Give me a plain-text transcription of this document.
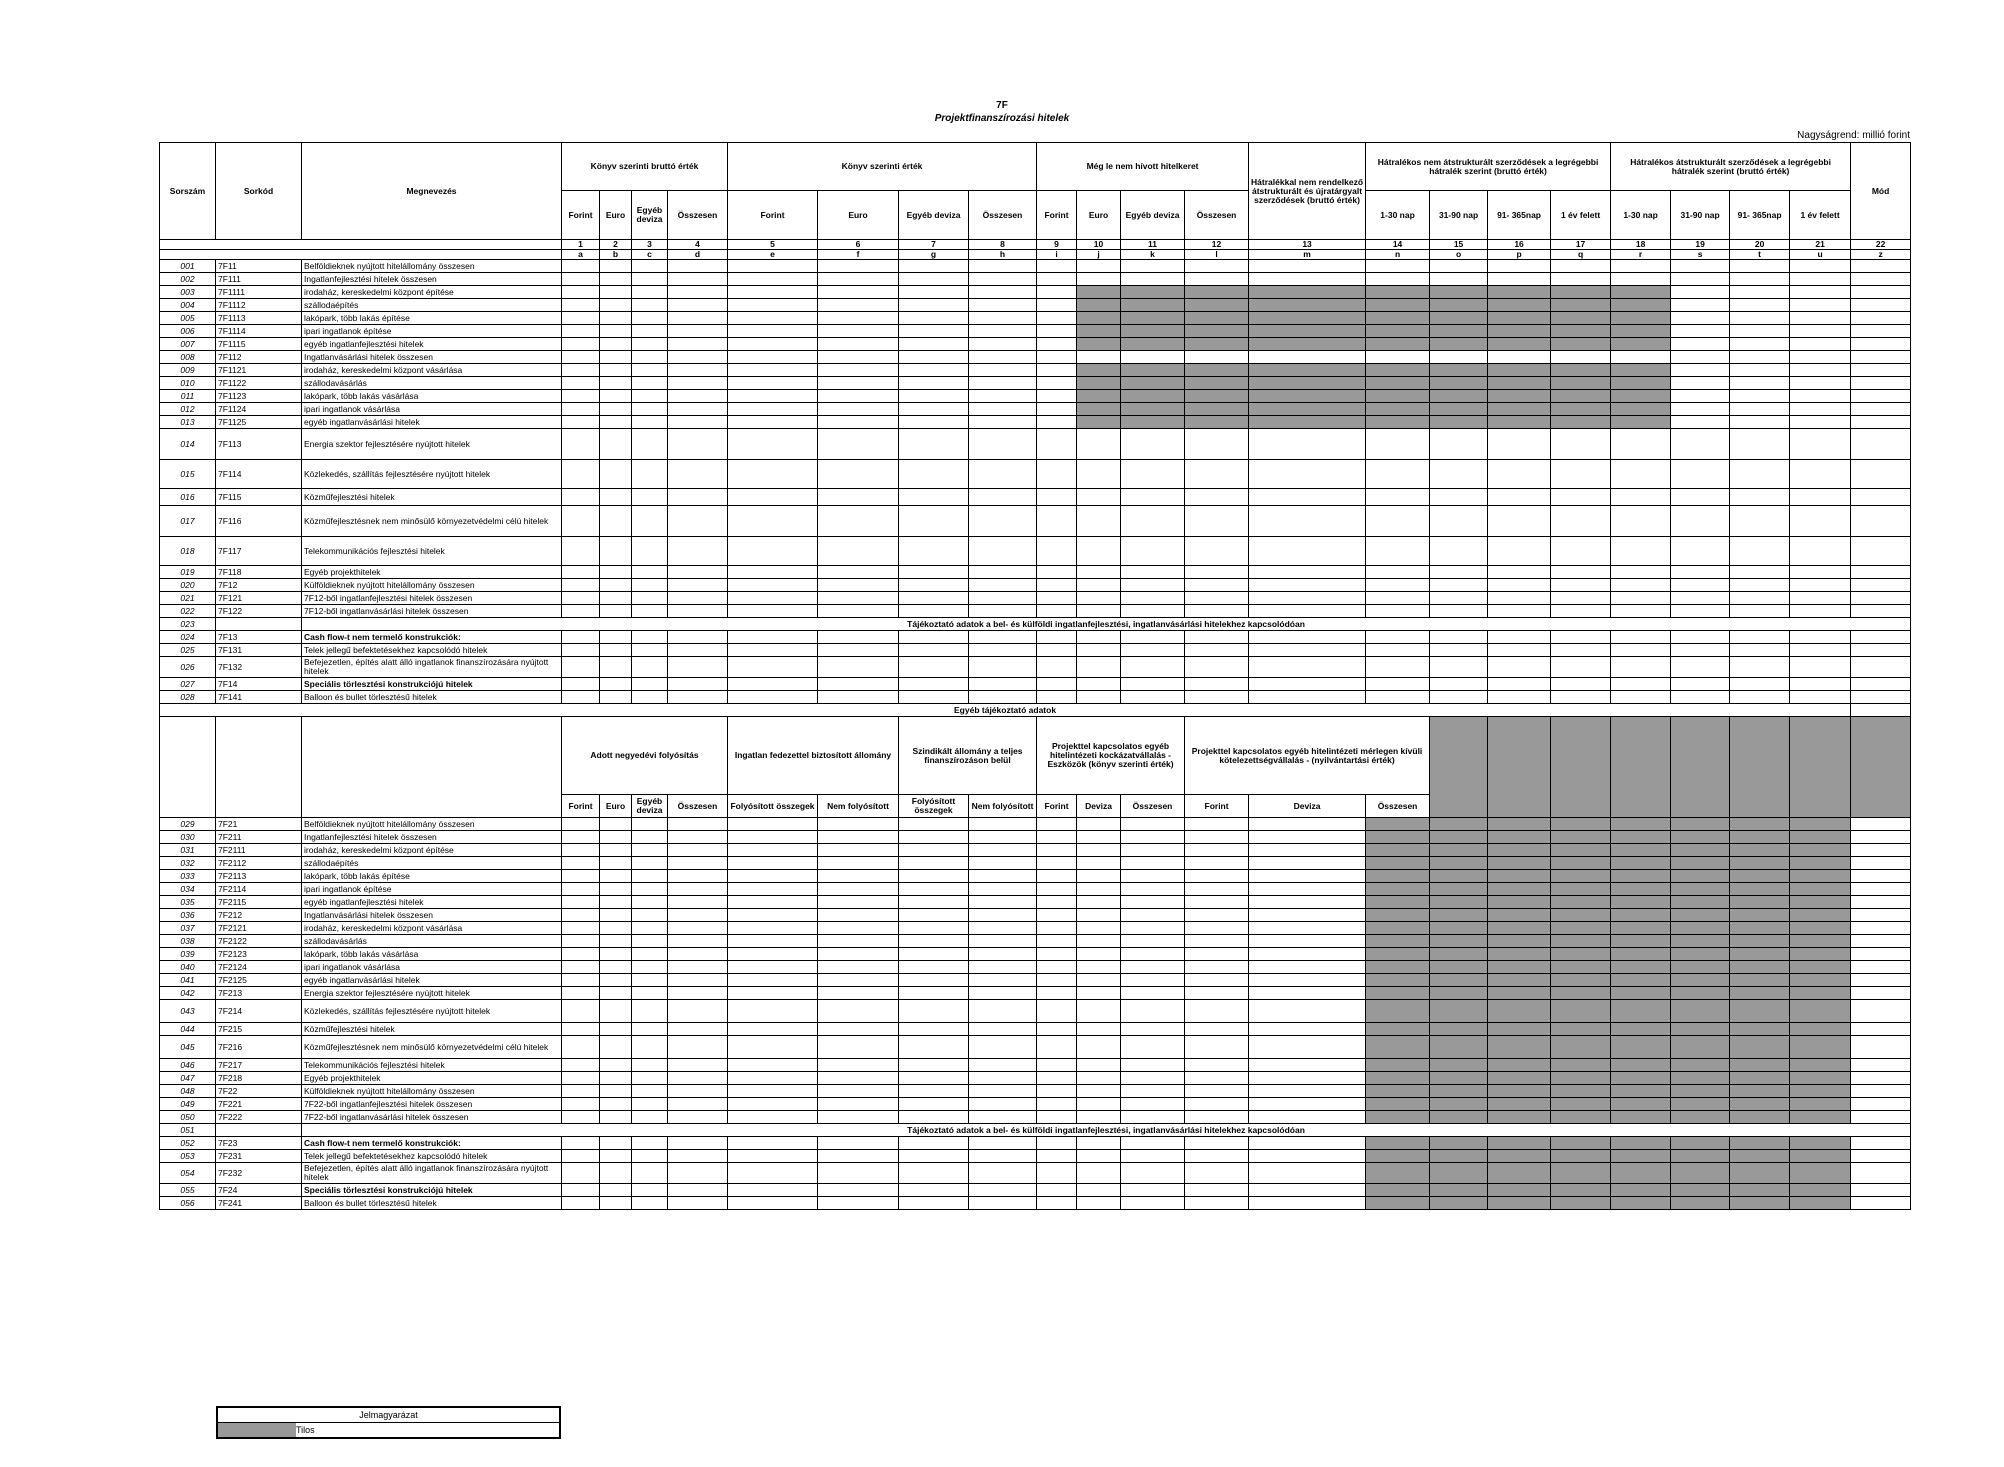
7F
Projektfinanszírozási hitelek
Nagyságrend: millió forint
Sorszám	Sorkód	Megnevezés	Könyv szerinti bruttó érték				Könyv szerinti érték				Még le nem hívott hitelkeret				Hátralékkal nem rendelkező átstrukturált és újratárgyalt szerződések (bruttó érték)	Hátralékos nem átstrukturált szerződések a legrégebbi hátralék szerint (bruttó érték)				Hátralékos átstrukturált szerződések a legrégebbi hátralék szerint (bruttó érték)				Mód	
			Forint	Euro	Egyéb deviza	Összesen	Forint	Euro	Egyéb deviza	Összesen	Forint	Euro	Egyéb deviza	Összesen		1-30 nap	31-90 nap	91- 365nap	1 év felett	1-30 nap	31-90 nap	91- 365nap	1 év felett		
			1	2	3	4	5	6	7	8	9	10	11	12	13	14	15	16	17	18	19	20	21	22	
			a	b	c	d	e	f	g	h	i	j	k	l	m	n	o	p	q	r	s	t	u	z	
001	7F11	Belföldieknek nyújtott hitelállomány összesen																							
002	7F111	Ingatlanfejlesztési hitelek összesen																							
003	7F1111	irodaház, kereskedelmi központ építése																							
004	7F1112	szállodaépítés																							
005	7F1113	lakópark, több lakás építése																							
006	7F1114	ipari ingatlanok építése																							
007	7F1115	egyéb ingatlanfejlesztési hitelek																							
008	7F112	Ingatlanvásárlási hitelek összesen																							
009	7F1121	irodaház, kereskedelmi központ vásárlása																							
010	7F1122	szállodavásárlás																							
011	7F1123	lakópark, több lakás vásárlása																							
012	7F1124	ipari ingatlanok vásárlása																							
013	7F1125	egyéb ingatlanvásárlási hitelek																							
014	7F113	Energia szektor fejlesztésére nyújtott hitelek																							
015	7F114	Közlekedés, szállítás fejlesztésére nyújtott hitelek																							
016	7F115	Közműfejlesztési hitelek																							
017	7F116	Közműfejlesztésnek nem minősülő környezetvédelmi célú hitelek																							
018	7F117	Telekommunikációs fejlesztési hitelek																							
019	7F118	Egyéb projekthitelek																							
020	7F12	Külföldieknek nyújtott hitelállomány összesen																							
021	7F121	7F12-ből ingatlanfejlesztési hitelek összesen																							
022	7F122	7F12-ből ingatlanvásárlási hitelek összesen																							
023		Tájékoztató adatok a bel- és külföldi ingatlanfejlesztési, ingatlanvásárlási hitelekhez kapcsolódóan																							
024	7F13	Cash flow-t nem termelő konstrukciók:																							
025	7F131	Telek jellegű befektetésekhez kapcsolódó hitelek																							
026	7F132	Befejezetlen, építés alatt álló ingatlanok finanszírozására nyújtott hitelek																							
027	7F14	Speciális törlesztési konstrukciójú hitelek																							
028	7F141	Balloon és bullet törlesztésű hitelek																							
Egyéb tájékoztató adatok																									
			Adott negyedévi folyósítás				Ingatlan fedezettel biztosított állomány		Szindikált állomány a teljes finanszírozáson belül		Projekttel kapcsolatos egyéb hitelintézeti kockázatvállalás - Eszközök (könyv szerinti érték)			Projekttel kapcsolatos egyéb hitelintézeti mérlegen kívüli kötelezettségvállalás - (nyilvántartási érték)											
			Forint	Euro	Egyéb deviza	Összesen	Folyósított összegek	Nem folyósított	Folyósított összegek	Nem folyósított	Forint	Deviza	Összesen	Forint	Deviza	Összesen									
029	7F21	Belföldieknek nyújtott hitelállomány összesen																							
030	7F211	Ingatlanfejlesztési hitelek összesen																							
031	7F2111	irodaház, kereskedelmi központ építése																							
032	7F2112	szállodaépítés																							
033	7F2113	lakópark, több lakás építése																							
034	7F2114	ipari ingatlanok építése																							
035	7F2115	egyéb ingatlanfejlesztési hitelek																							
036	7F212	Ingatlanvásárlási hitelek összesen																							
037	7F2121	irodaház, kereskedelmi központ vásárlása																							
038	7F2122	szállodavásárlás																							
039	7F2123	lakópark, több lakás vásárlása																							
040	7F2124	ipari ingatlanok vásárlása																							
041	7F2125	egyéb ingatlanvásárlási hitelek																							
042	7F213	Energia szektor fejlesztésére nyújtott hitelek																							
043	7F214	Közlekedés, szállítás fejlesztésére nyújtott hitelek																							
044	7F215	Közműfejlesztési hitelek																							
045	7F216	Közműfejlesztésnek nem minősülő környezetvédelmi célú hitelek																							
046	7F217	Telekommunikációs fejlesztési hitelek																							
047	7F218	Egyéb projekthitelek																							
048	7F22	Külföldieknek nyújtott hitelállomány összesen																							
049	7F221	7F22-ből ingatlanfejlesztési hitelek összesen																							
050	7F222	7F22-ből ingatlanvásárlási hitelek összesen																							
051		Tájékoztató adatok a bel- és külföldi ingatlanfejlesztési, ingatlanvásárlási hitelekhez kapcsolódóan																							
052	7F23	Cash flow-t nem termelő konstrukciók:																							
053	7F231	Telek jellegű befektetésekhez kapcsolódó hitelek																							
054	7F232	Befejezetlen, építés alatt álló ingatlanok finanszírozására nyújtott hitelek																							
055	7F24	Speciális törlesztési konstrukciójú hitelek																							
056	7F241	Balloon és bullet törlesztésű hitelek																							
Jelmagyarázat
Tilos
